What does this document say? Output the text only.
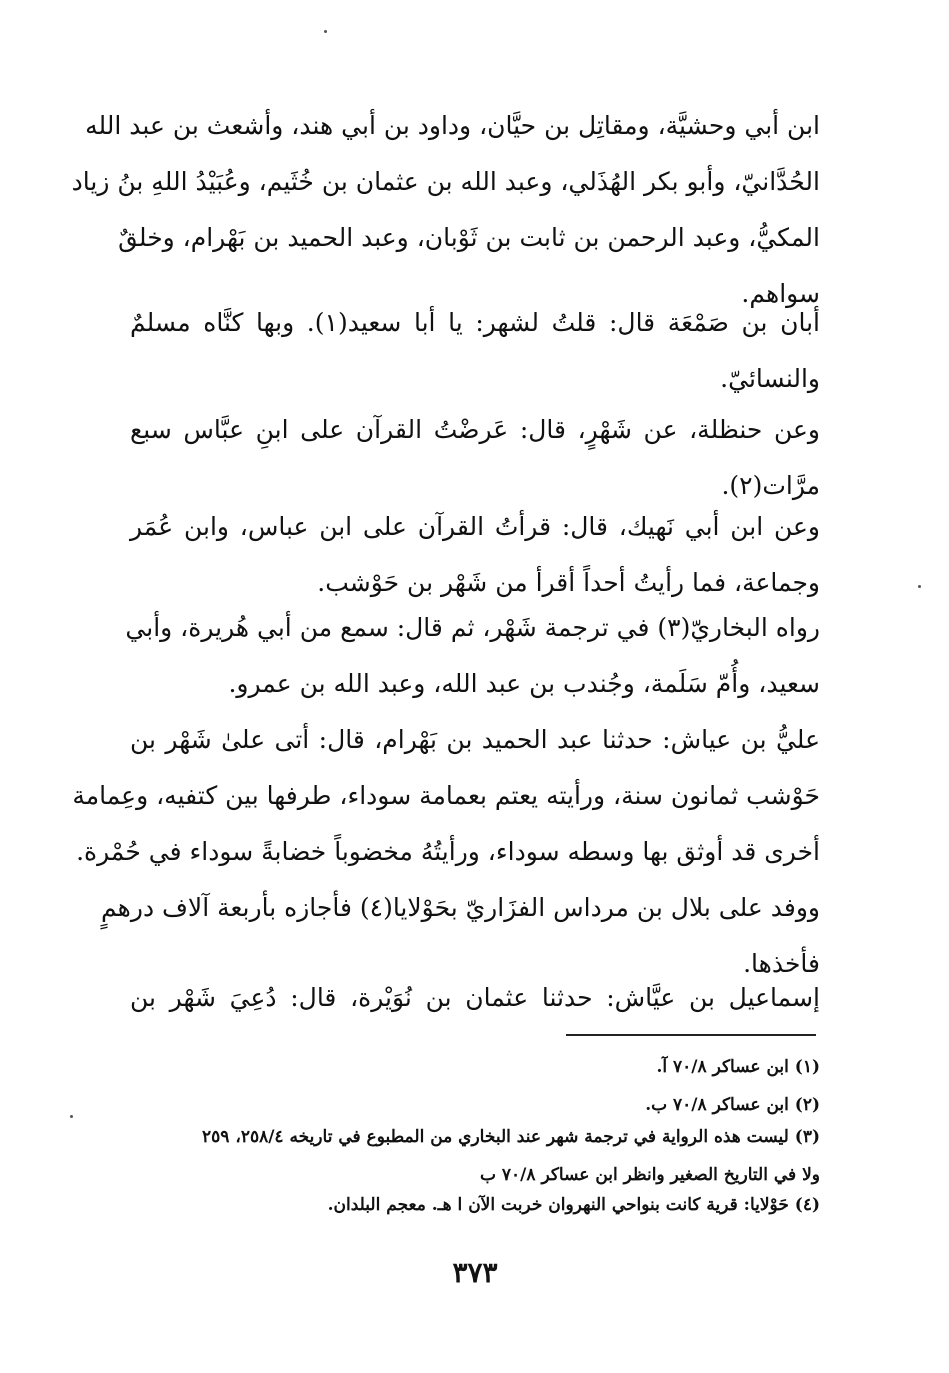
ابن أبي وحشيَّة، ومقاتِل بن حيَّان، وداود بن أبي هند، وأشعث بن عبد الله
الحُدَّانيّ، وأبو بكر الهُذَلي، وعبد الله بن عثمان بن خُثَيم، وعُبَيْدُ اللهِ بنُ زياد
المكيُّ، وعبد الرحمن بن ثابت بن ثَوْبان، وعبد الحميد بن بَهْرام، وخلقٌ
سواهم.
أبان بن صَمْعَة قال: قلتُ لشهر: يا أبا سعيد(١). وبها كنَّاه مسلمٌ
والنسائيّ.
وعن حنظلة، عن شَهْرٍ، قال: عَرضْتُ القرآن على ابنِ عبَّاس سبع
مرَّات(٢).
وعن ابن أبي نَهيك، قال: قرأتُ القرآن على ابن عباس، وابن عُمَر
وجماعة، فما رأيتُ أحداً أقرأ من شَهْر بن حَوْشب.
رواه البخاريّ(٣) في ترجمة شَهْر، ثم قال: سمع من أبي هُريرة، وأبي
سعيد، وأُمّ سَلَمة، وجُندب بن عبد الله، وعبد الله بن عمرو.
عليُّ بن عياش: حدثنا عبد الحميد بن بَهْرام، قال: أتى علىٰ شَهْر بن
حَوْشب ثمانون سنة، ورأيته يعتم بعمامة سوداء، طرفها بين كتفيه، وعِمامة
أخرى قد أوثق بها وسطه سوداء، ورأيتُهُ مخضوباً خضابةً سوداء في حُمْرة.
ووفد على بلال بن مرداس الفزَاريّ بحَوْلايا(٤) فأجازه بأربعة آلاف درهمٍ
فأخذها.
إسماعيل بن عيَّاش: حدثنا عثمان بن نُوَيْرة، قال: دُعِيَ شَهْر بن
(١) ابن عساكر ٧٠/٨ آ.
(٢) ابن عساكر ٧٠/٨ ب.
(٣) ليست هذه الرواية في ترجمة شهر عند البخاري من المطبوع في تاريخه ٢٥٨/٤، ٢٥٩
ولا في التاريخ الصغير وانظر ابن عساكر ٧٠/٨ ب
(٤) حَوْلايا: قرية كانت بنواحي النهروان خربت الآن ا هـ. معجم البلدان.
٣٧٣
